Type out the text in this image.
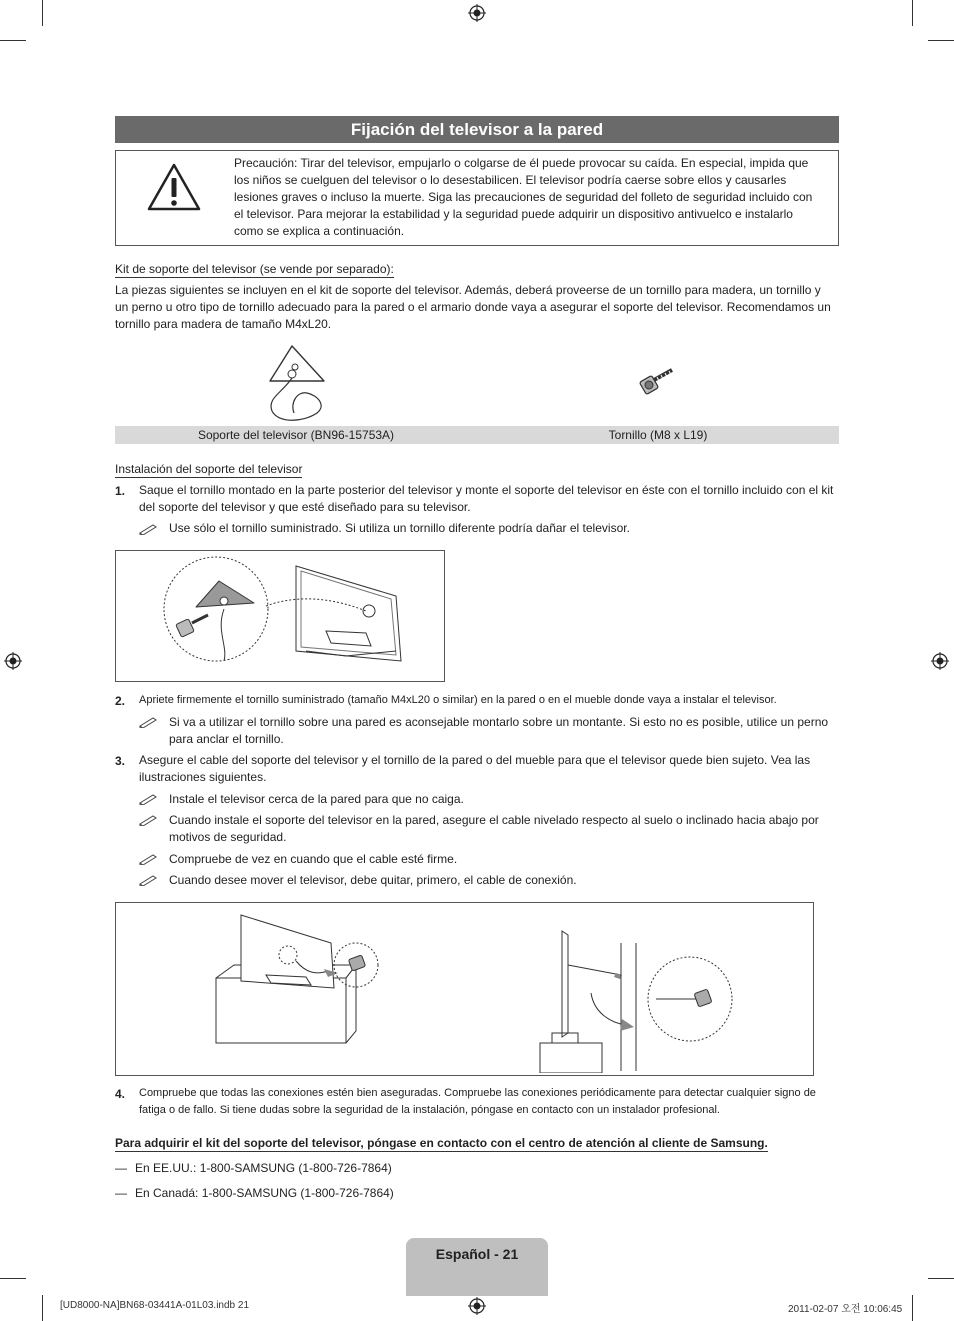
Fijación del televisor a la pared
Precaución: Tirar del televisor, empujarlo o colgarse de él puede provocar su caída. En especial, impida que los niños se cuelguen del televisor o lo desestabilicen. El televisor podría caerse sobre ellos y causarles lesiones graves o incluso la muerte. Siga las precauciones de seguridad del folleto de seguridad incluido con el televisor. Para mejorar la estabilidad y la seguridad puede adquirir un dispositivo antivuelco e instalarlo como se explica a continuación.
Kit de soporte del televisor (se vende por separado):
La piezas siguientes se incluyen en el kit de soporte del televisor. Además, deberá proveerse de un tornillo para madera, un tornillo y un perno u otro tipo de tornillo adecuado para la pared o el armario donde vaya a asegurar el soporte del televisor. Recomendamos un tornillo para madera de tamaño M4xL20.
Soporte del televisor (BN96-15753A)	Tornillo (M8 x L19)
Instalación del soporte del televisor
1. Saque el tornillo montado en la parte posterior del televisor y monte el soporte del televisor en éste con el tornillo incluido con el kit del soporte del televisor y que esté diseñado para su televisor.
Use sólo el tornillo suministrado. Si utiliza un tornillo diferente podría dañar el televisor.
2. Apriete firmemente el tornillo suministrado (tamaño M4xL20 o similar) en la pared o en el mueble donde vaya a instalar el televisor.
Si va a utilizar el tornillo sobre una pared es aconsejable montarlo sobre un montante. Si esto no es posible, utilice un perno para anclar el tornillo.
3. Asegure el cable del soporte del televisor y el tornillo de la pared o del mueble para que el televisor quede bien sujeto. Vea las ilustraciones siguientes.
Instale el televisor cerca de la pared para que no caiga.
Cuando instale el soporte del televisor en la pared, asegure el cable nivelado respecto al suelo o inclinado hacia abajo por motivos de seguridad.
Compruebe de vez en cuando que el cable esté firme.
Cuando desee mover el televisor, debe quitar, primero, el cable de conexión.
4. Compruebe que todas las conexiones estén bien aseguradas. Compruebe las conexiones periódicamente para detectar cualquier signo de fatiga o de fallo. Si tiene dudas sobre la seguridad de la instalación, póngase en contacto con un instalador profesional.
Para adquirir el kit del soporte del televisor, póngase en contacto con el centro de atención al cliente de Samsung.
— En EE.UU.: 1-800-SAMSUNG (1-800-726-7864)
— En Canadá: 1-800-SAMSUNG (1-800-726-7864)
Español - 21
[UD8000-NA]BN68-03441A-01L03.indb 21	2011-02-07 오전 10:06:45
